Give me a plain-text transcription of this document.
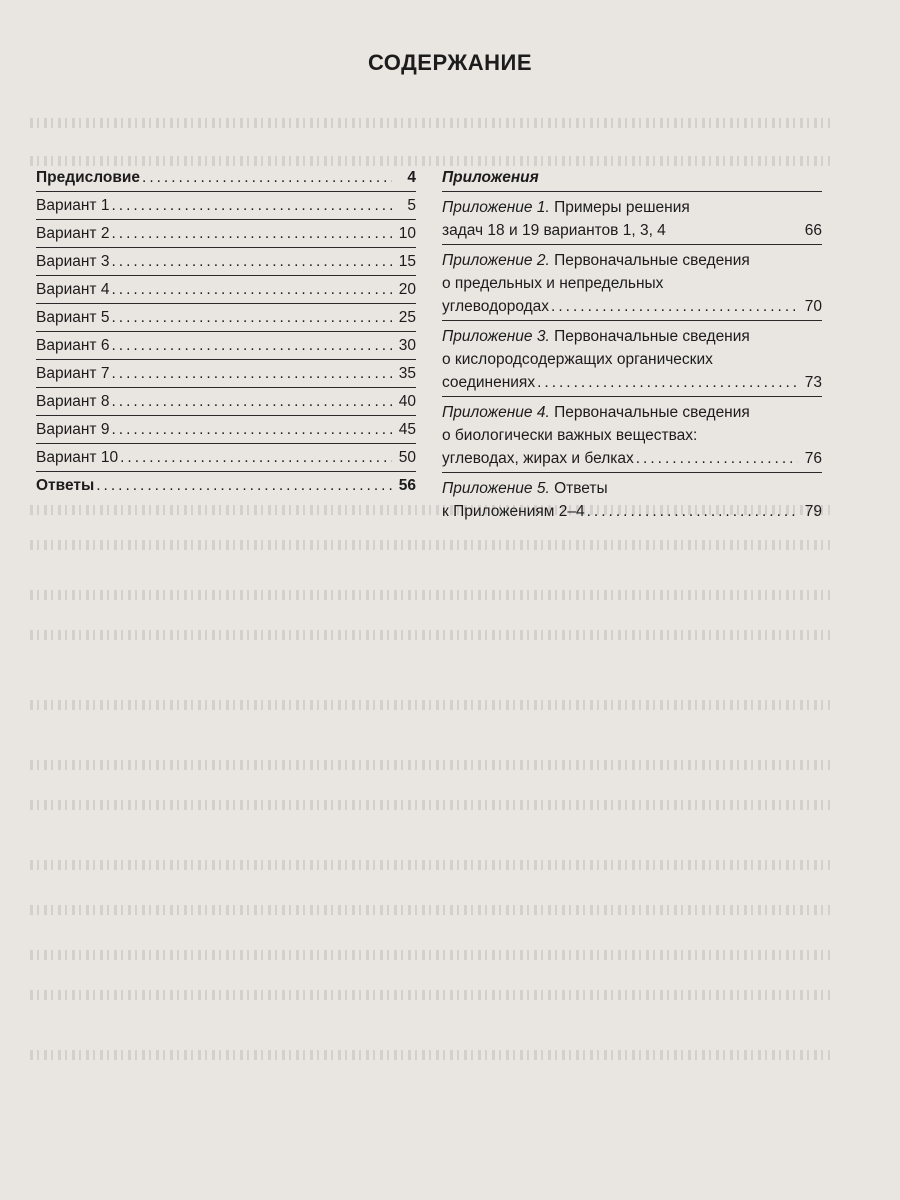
СОДЕРЖАНИЕ
Предисловие .....	4
Вариант 1 .....	5
Вариант 2 .....	10
Вариант 3 .....	15
Вариант 4 .....	20
Вариант 5 .....	25
Вариант 6 .....	30
Вариант 7 .....	35
Вариант 8 .....	40
Вариант 9 .....	45
Вариант 10 .....	50
Ответы .....	56
Приложения
Приложение 1. Примеры решения
задач 18 и 19 вариантов 1, 3, 4	66
Приложение 2. Первоначальные сведения
о предельных и непредельных
углеводородах .....	70
Приложение 3. Первоначальные сведения
о кислородсодержащих органических
соединениях .....	73
Приложение 4. Первоначальные сведения
о биологически важных веществах:
углеводах, жирах и белках .....	76
Приложение 5. Ответы
к Приложениям 2–4 .....	79
